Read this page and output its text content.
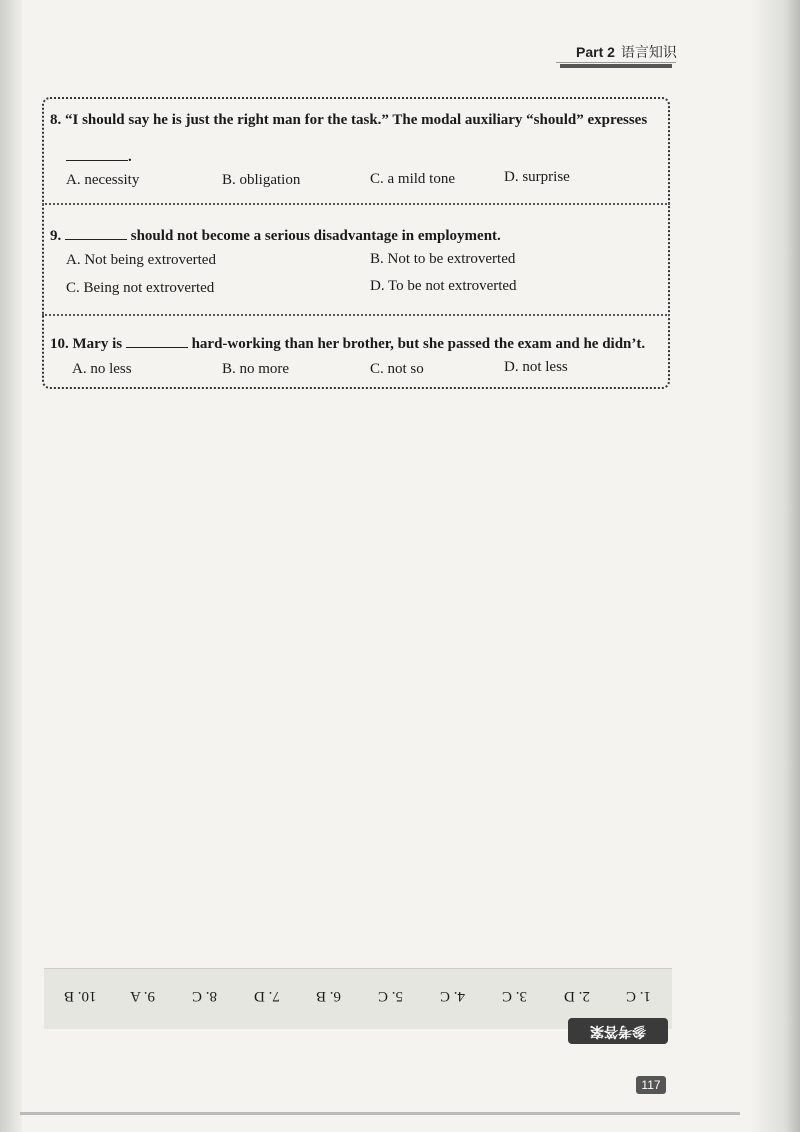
Part 2 语言知识
8. “I should say he is just the right man for the task.” The modal auxiliary “should” expresses
.
A. necessity	B. obligation	C. a mild tone	D. surprise
9.	should not become a serious disadvantage in employment.
A. Not being extroverted	B. Not to be extroverted
C. Being not extroverted	D. To be not extroverted
10. Mary is	hard-working than her brother, but she passed the exam and he didn’t.
A. no less	B. no more	C. not so	D. not less
1. C
2. D
3. C
4. C
5. C
6. B
7. D
8. C
9. A
10. B
参考答案
117
